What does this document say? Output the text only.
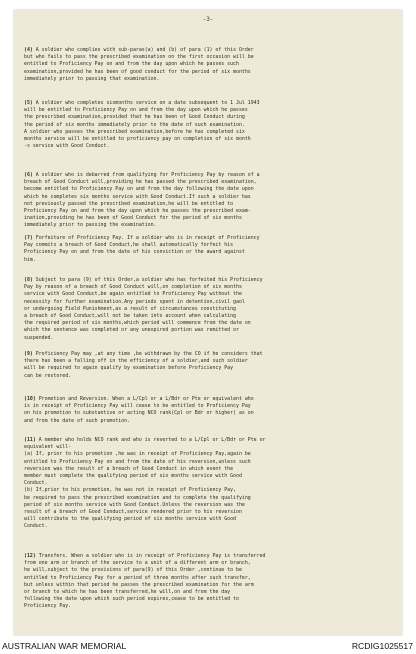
-3-
(4) A soldier who complies with sub-paras(a) and (b) of para (1) of this Order
but who fails to pass the prescribed examination on the first occasion will be
entitled to Proficiency Pay on and from the day upon which he passes such
examination,provided he has been of good conduct for the period of six months
immediately prior to passing that examination.
(5) A soldier who completes sixmonths service on a date subsequent to 1 Jul 1943
will be entitled to Proficiency Pay on and from the day upon which he passes
the prescribed examination,provided that he has been of Good Conduct during
the period of six months immediately prior to the date of such examination.
A soldier who passes the prescribed examination,before he has completed six
months service will be entitled to proficiency pay on completion of six month
-s service with Good Conduct.
(6) A soldier who is debarred from qualifying for Proficiency Pay by reason of a
breach of Good Conduct will,providing he has passed the prescribed examination,
become entitled to Proficiency Pay on and from the day following the date upon
which he completes six months service with Good Conduct.If such a soldier has
not previously passed the prescribed examination,he will be entitled to
Proficiency Pay on and from the day upon which he passes the prescribed exam-
ination,providing he has been of Good Conduct for the period of six months
immediately prior to passing the examination.
(7) Forfeiture of Proficiency Pay. If a soldier who is in receipt of Proficiency
Pay commits a breach of Good Conduct,he shall automatically forfeit his
Proficiency Pay on and from the date of his conviction or the award against
him.
(8) Subject to para (9) of this Order,a soldier who has forfeited his Proficiency
Pay by reason of a breach of Good Conduct will,on completion of six months
service with Good Conduct,be again entitled to Proficiency Pay without the
necessity for further examination.Any periods spent in detention,civil gaol
or undergoing Field Punishment,as a result of circumstances constituting
a breach of Good Conduct,will not be taken into account when calculating
the required period of six months,which period will commence from the date on
which the sentence was completed or any unexpired portion was remitted or
suspended.
(9) Proficiency Pay may ,at any time ,be withdrawn by the CO if he considers that
there has been a falling off in the efficiency of a soldier,and such soldier
will be required to again qualify by examination before Proficiency Pay
can be restored.
(10) Promotion and Reversion. When a L/Cpl or a L/Bdr or Pte or equivalent who
is in receipt of Proficiency Pay will cease to be entitled to Proficiency Pay
on his promotion to substantive or acting NCO rank(Cpl or Bdr or higher) as on
and from the date of such promotion.
(11) A member who holds NCO rank and who is reverted to a L/Cpl or L/Bdr or Pte or
equivalent will-
(a) If, prior to his promotion ,he was in receipt of Proficiency Pay,again be
entitled to Proficiency Pay on and from the date of his reversion,unless such
reversion was the result of a breach of Good Conduct in which event the
member must complete the qualifying period of six months service with Good
Conduct.
(b) If,prior to his promotion, he was not in receipt of Proficiency Pay,
be required to pass the prescribed examination and to complete the qualifying
period of six months service with Good Conduct.Unless the reversion was the
result of a breach of Good Conduct,service rendered prior to his reversion
will contribute to the qualifying period of six months service with Good
Conduct.
(12) Transfers. When a soldier who is in receipt of Proficiency Pay is transferred
from one arm or branch of the service to a unit of a different arm or branch,
he will,subject to the provisions of para(9) of this Order ,continue to be
entitled to Proficiency Pay for a period of three months after such transfer,
but unless within that period he passes the prescribed examination for the arm
or branch to which he has been transferred,he will,on and from the day
following the date upon which such period expires,cease to be entitled to
Proficiency Pay.
AUSTRALIAN WAR MEMORIAL	RCDIG1025517
